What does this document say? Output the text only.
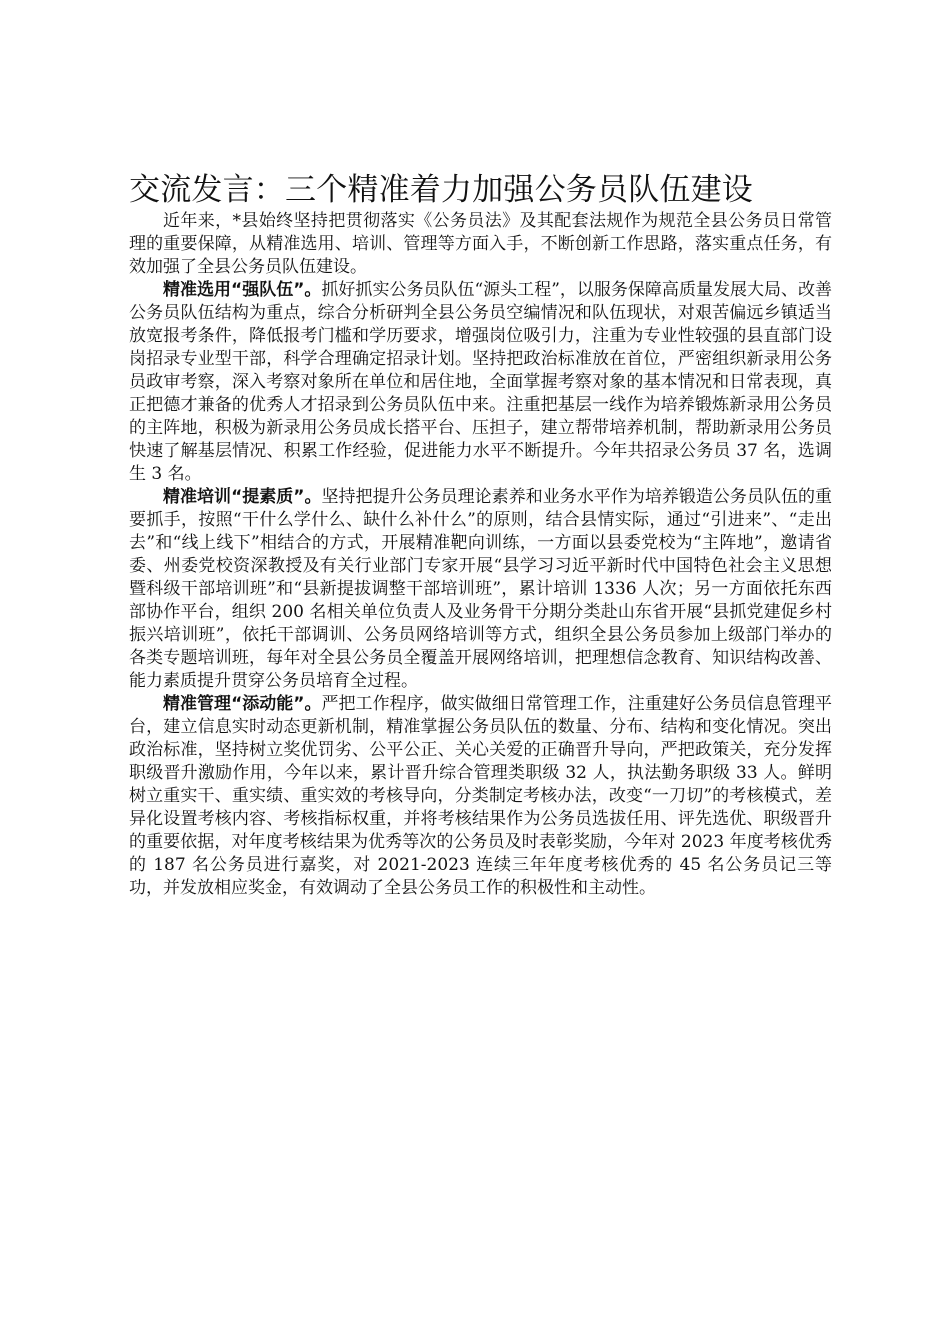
交流发言：三个精准着力加强公务员队伍建设

近年来，*县始终坚持把贯彻落实《公务员法》及其配套法规作为规范全县公务员日常管理的重要保障，从精准选用、培训、管理等方面入手，不断创新工作思路，落实重点任务，有效加强了全县公务员队伍建设。

精准选用“强队伍”。抓好抓实公务员队伍“源头工程”，以服务保障高质量发展大局、改善公务员队伍结构为重点，综合分析研判全县公务员空编情况和队伍现状，对艰苦偏远乡镇适当放宽报考条件，降低报考门槛和学历要求，增强岗位吸引力，注重为专业性较强的县直部门设岗招录专业型干部，科学合理确定招录计划。坚持把政治标准放在首位，严密组织新录用公务员政审考察，深入考察对象所在单位和居住地，全面掌握考察对象的基本情况和日常表现，真正把德才兼备的优秀人才招录到公务员队伍中来。注重把基层一线作为培养锻炼新录用公务员的主阵地，积极为新录用公务员成长搭平台、压担子，建立帮带培养机制，帮助新录用公务员快速了解基层情况、积累工作经验，促进能力水平不断提升。今年共招录公务员 37 名，选调生 3 名。

精准培训“提素质”。坚持把提升公务员理论素养和业务水平作为培养锻造公务员队伍的重要抓手，按照“干什么学什么、缺什么补什么”的原则，结合县情实际，通过“引进来”、“走出去”和“线上线下”相结合的方式，开展精准靶向训练，一方面以县委党校为“主阵地”，邀请省委、州委党校资深教授及有关行业部门专家开展“县学习习近平新时代中国特色社会主义思想暨科级干部培训班”和“县新提拔调整干部培训班”，累计培训 1336 人次；另一方面依托东西部协作平台，组织 200 名相关单位负责人及业务骨干分期分类赴山东省开展“县抓党建促乡村振兴培训班”，依托干部调训、公务员网络培训等方式，组织全县公务员参加上级部门举办的各类专题培训班，每年对全县公务员全覆盖开展网络培训，把理想信念教育、知识结构改善、能力素质提升贯穿公务员培育全过程。

精准管理“添动能”。严把工作程序，做实做细日常管理工作，注重建好公务员信息管理平台，建立信息实时动态更新机制，精准掌握公务员队伍的数量、分布、结构和变化情况。突出政治标准，坚持树立奖优罚劣、公平公正、关心关爱的正确晋升导向，严把政策关，充分发挥职级晋升激励作用，今年以来，累计晋升综合管理类职级 32 人，执法勤务职级 33 人。鲜明树立重实干、重实绩、重实效的考核导向，分类制定考核办法，改变“一刀切”的考核模式，差异化设置考核内容、考核指标权重，并将考核结果作为公务员选拔任用、评先选优、职级晋升的重要依据，对年度考核结果为优秀等次的公务员及时表彰奖励，今年对 2023 年度考核优秀的 187 名公务员进行嘉奖，对 2021-2023 连续三年年度考核优秀的 45 名公务员记三等功，并发放相应奖金，有效调动了全县公务员工作的积极性和主动性。
